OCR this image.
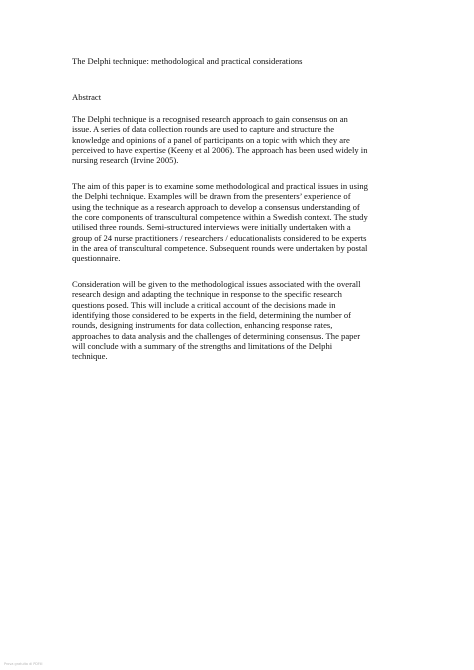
The Delphi technique: methodological and practical considerations
Abstract
The Delphi technique is a recognised research approach to gain consensus on an
issue. A series of data collection rounds are used to capture and structure the
knowledge and opinions of a panel of participants on a topic with which they are
perceived to have expertise (Keeny et al 2006). The approach has been used widely in
nursing research (Irvine 2005).
The aim of this paper is to examine some methodological and practical issues in using
the Delphi technique. Examples will be drawn from the presenters’ experience of
using the technique as a research approach to develop a consensus understanding of
the core components of transcultural competence within a Swedish context. The study
utilised three rounds. Semi-structured interviews were initially undertaken with a
group of 24 nurse practitioners / researchers / educationalists considered to be experts
in the area of transcultural competence. Subsequent rounds were undertaken by postal
questionnaire.
Consideration will be given to the methodological issues associated with the overall
research design and adapting the technique in response to the specific research
questions posed. This will include a critical account of the decisions made in
identifying those considered to be experts in the field, determining the number of
rounds, designing instruments for data collection, enhancing response rates,
approaches to data analysis and the challenges of determining consensus. The paper
will conclude with a summary of the strengths and limitations of the Delphi
technique.
Prova gratuita di PDFill
